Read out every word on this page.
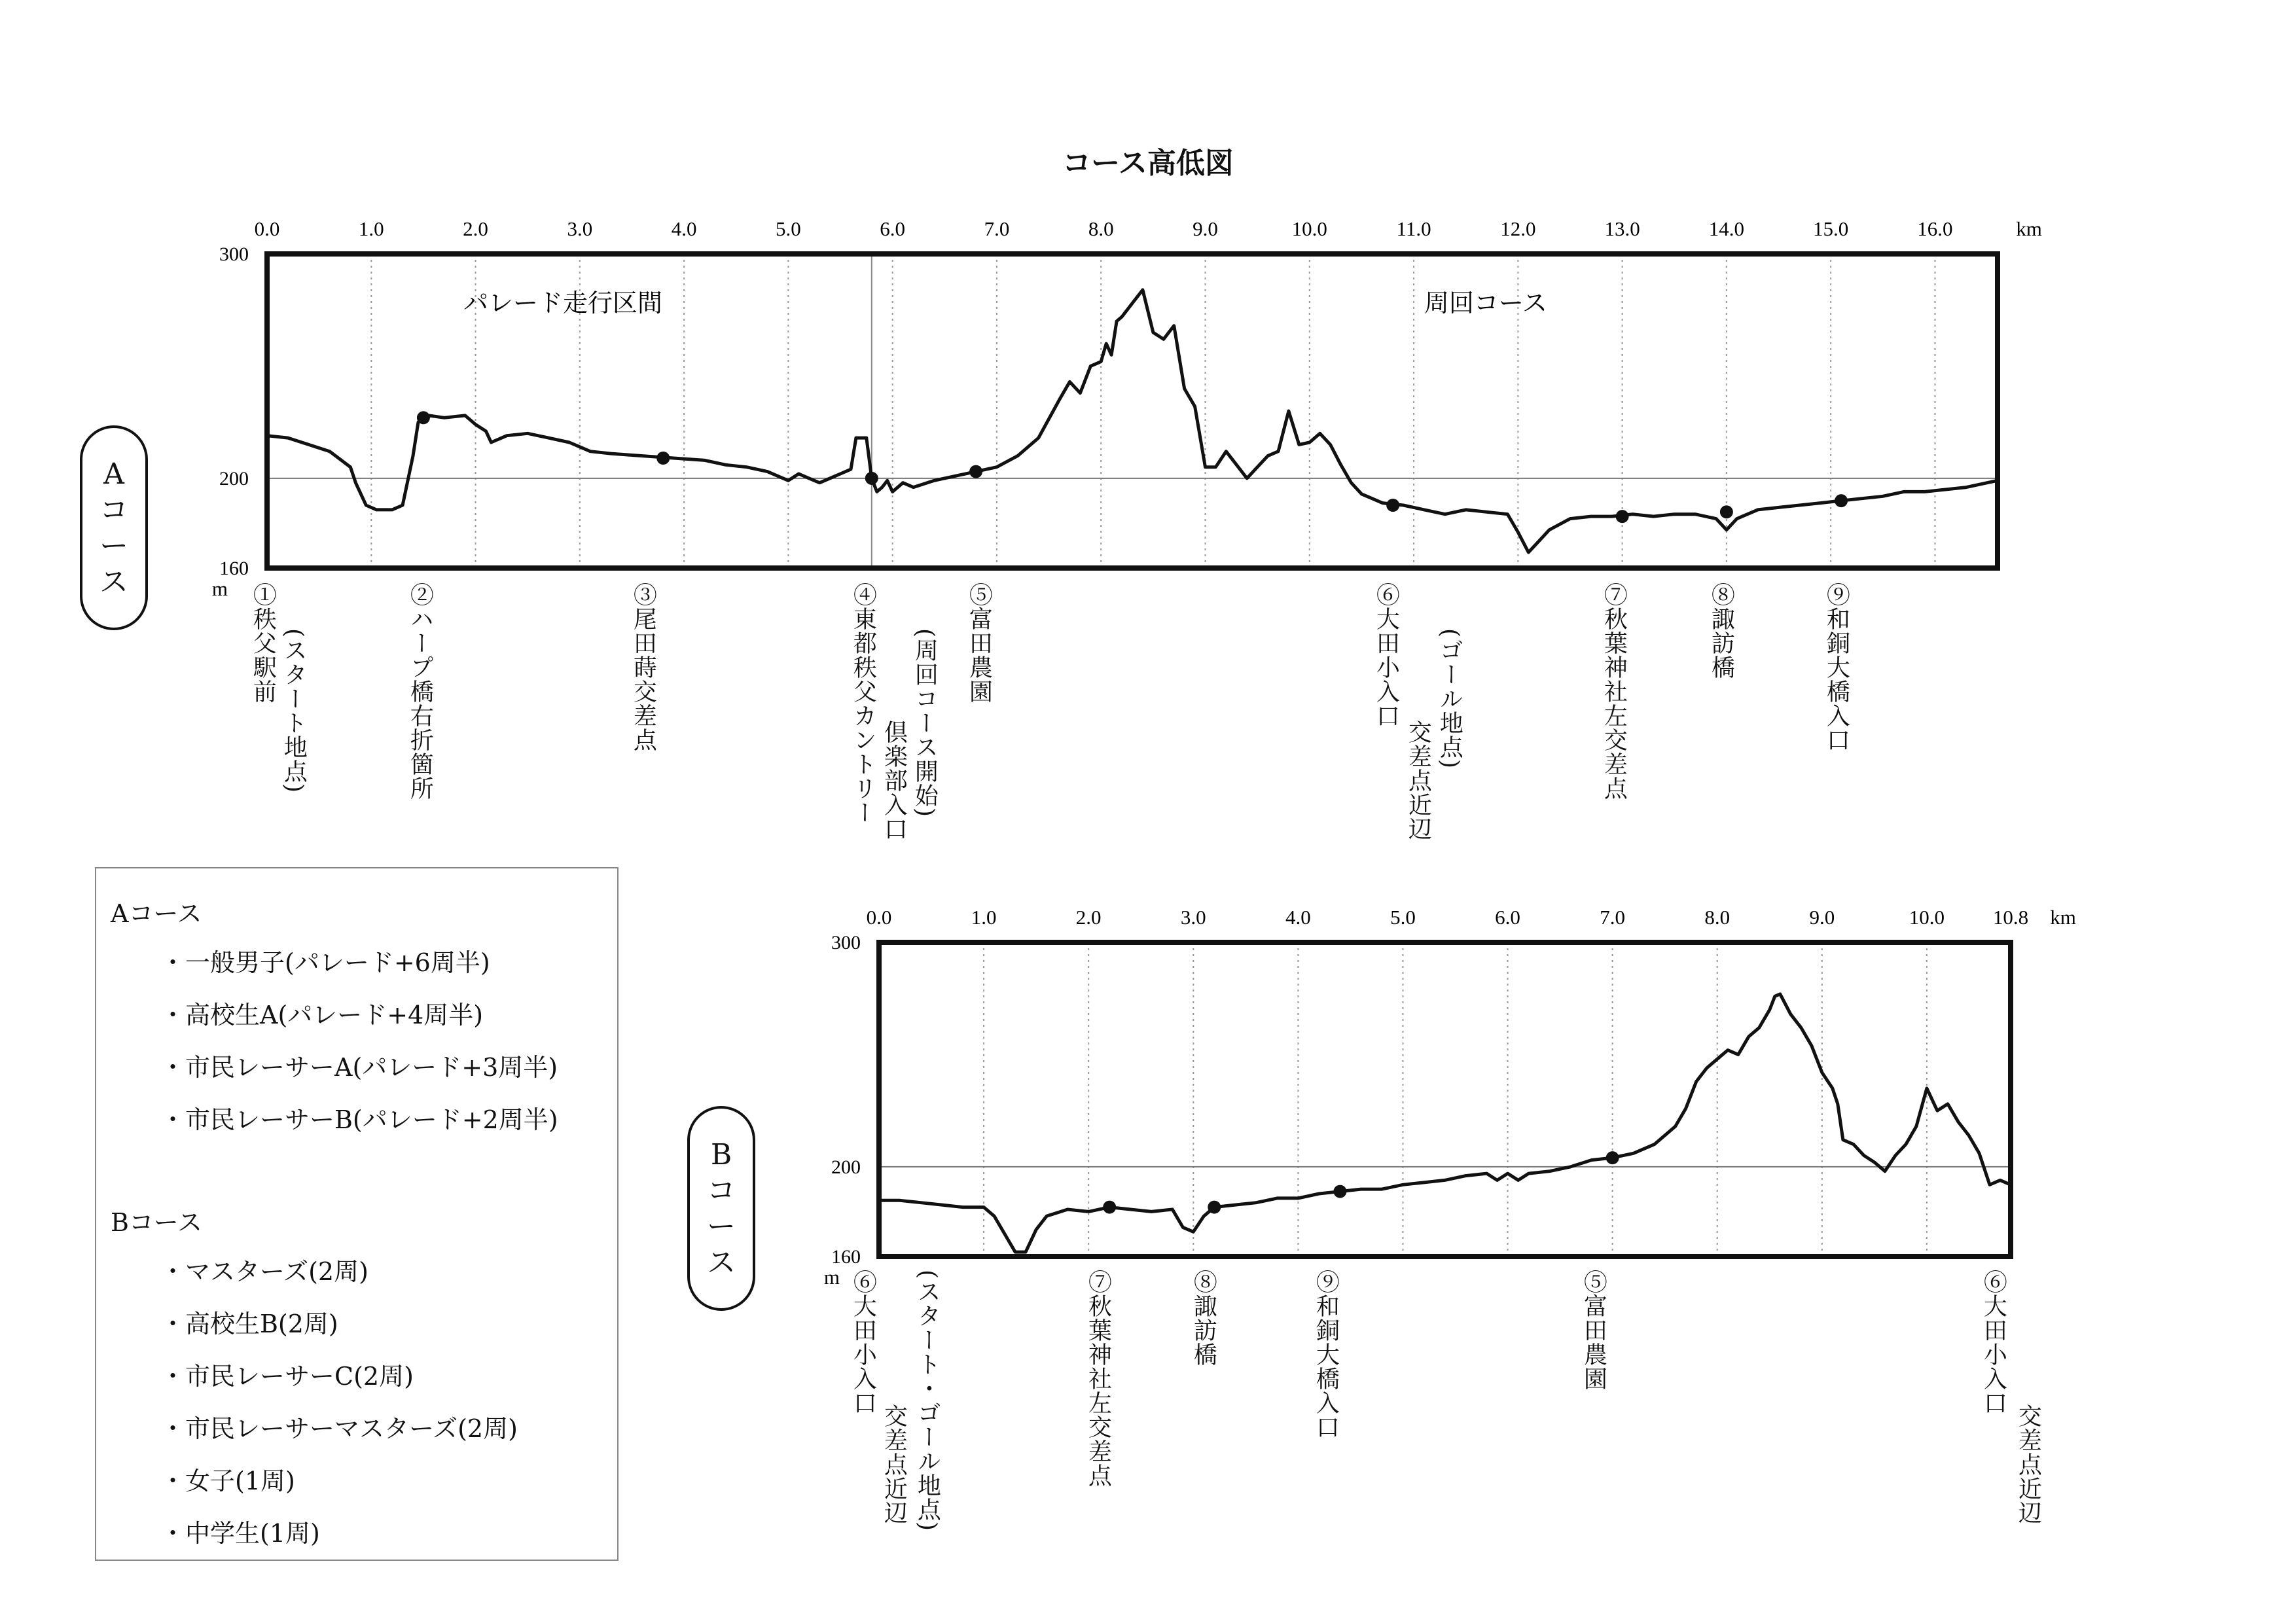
コース高低図
パレード走行区間	周回コース
0.0	1.0	2.0	3.0	4.0	5.0	6.0	7.0	8.0	9.0	10.0	11.0	12.0	13.0	14.0	15.0	16.0	km
300
200
160
m
0.0	1.0	2.0	3.0	4.0	5.0	6.0	7.0	8.0	9.0	10.0 10.8 km
300
200
160
m
A
コ
ー
ス
B
コ
ー
ス
①秩父駅前 (スタート地点)	②ハープ橋右折箇所	③尾田蒔交差点	④東都秩父カントリー 倶楽部入口 (周回コース開始) ⑤富田農園	⑥大田小入口 (ゴール地点)
交差点近辺	⑦秋葉神社左交差点	⑧諏訪橋	⑨和銅大橋入口
⑥大田小入口
交差点近辺 (スタート・ゴール地点)	⑦秋葉神社左交差点	⑧諏訪橋	⑨和銅大橋入口	⑤富田農園	⑥大田小入口
交差点近辺
Aコース
・一般男子(パレード+6周半)
・高校生A(パレード+4周半)
・市民レーサーA(パレード+3周半)
・市民レーサーB(パレード+2周半)
Bコース
・マスターズ(2周)
・高校生B(2周)
・市民レーサーC(2周)
・市民レーサーマスターズ(2周)
・女子(1周)
・中学生(1周)
